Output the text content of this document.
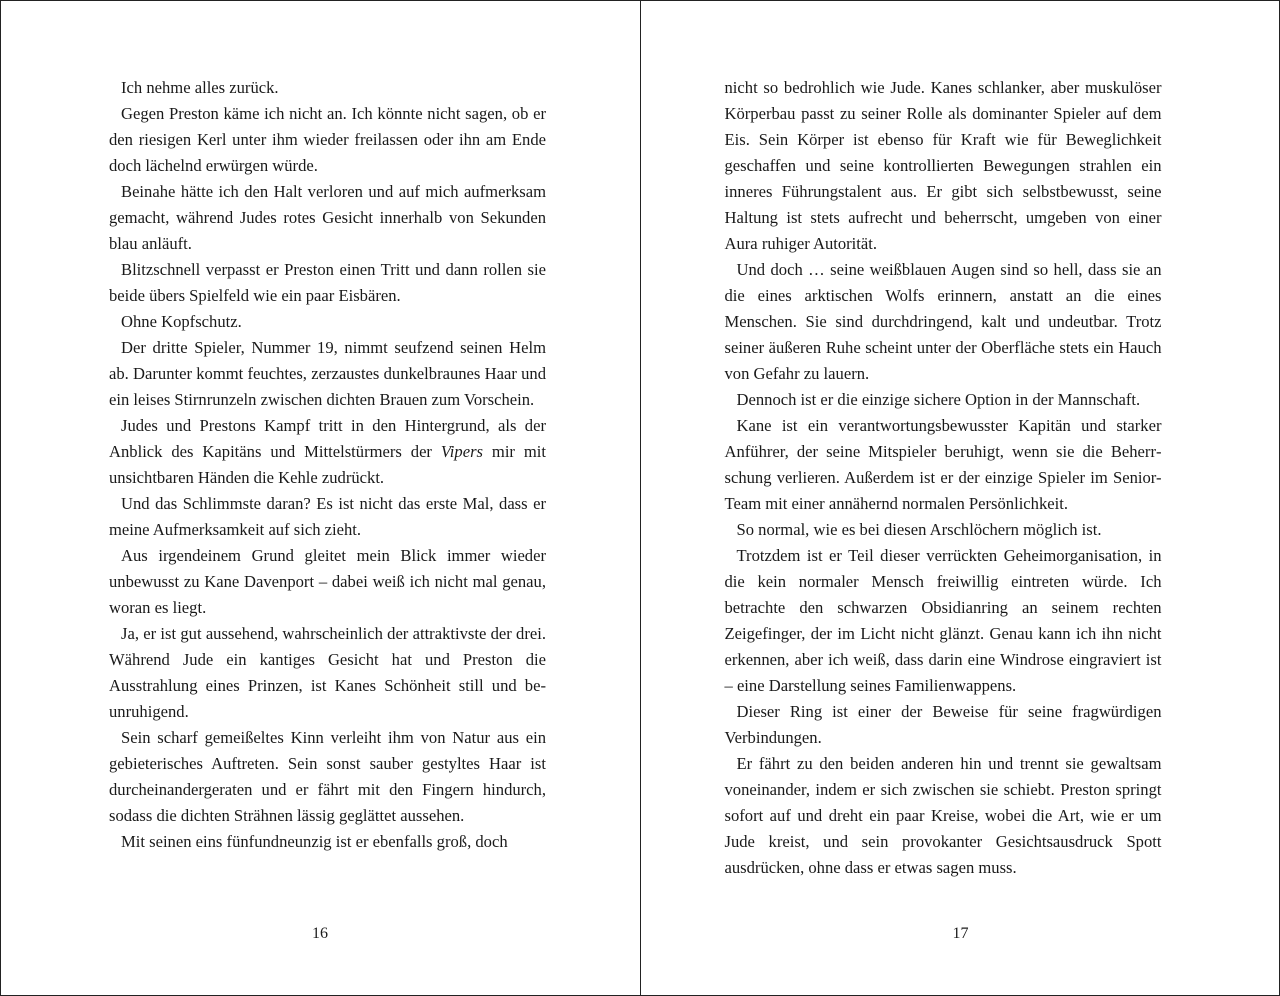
Ich nehme alles zurück.

Gegen Preston käme ich nicht an. Ich könnte nicht sagen, ob er den riesigen Kerl unter ihm wieder freilassen oder ihn am Ende doch lächelnd erwürgen würde.

Beinahe hätte ich den Halt verloren und auf mich aufmerksam gemacht, während Judes rotes Gesicht innerhalb von Sekunden blau anläuft.

Blitzschnell verpasst er Preston einen Tritt und dann rollen sie beide übers Spielfeld wie ein paar Eisbären.

Ohne Kopfschutz.

Der dritte Spieler, Nummer 19, nimmt seufzend seinen Helm ab. Darunter kommt feuchtes, zerzaustes dunkelbraunes Haar und ein leises Stirnrunzeln zwischen dichten Brauen zum Vorschein.

Judes und Prestons Kampf tritt in den Hintergrund, als der Anblick des Kapitäns und Mittelstürmers der Vipers mir mit unsichtbaren Händen die Kehle zudrückt.

Und das Schlimmste daran? Es ist nicht das erste Mal, dass er meine Aufmerksamkeit auf sich zieht.

Aus irgendeinem Grund gleitet mein Blick immer wieder unbewusst zu Kane Davenport – dabei weiß ich nicht mal genau, woran es liegt.

Ja, er ist gut aussehend, wahrscheinlich der attraktivste der drei. Während Jude ein kantiges Gesicht hat und Preston die Ausstrahlung eines Prinzen, ist Kanes Schönheit still und beunruhigend.

Sein scharf gemeißeltes Kinn verleiht ihm von Natur aus ein gebieterisches Auftreten. Sein sonst sauber gestyltes Haar ist durcheinandergeraten und er fährt mit den Fingern hindurch, sodass die dichten Strähnen lässig geglättet aussehen.

Mit seinen eins fünfundneunzig ist er ebenfalls groß, doch

16

nicht so bedrohlich wie Jude. Kanes schlanker, aber muskulöser Körperbau passt zu seiner Rolle als dominanter Spieler auf dem Eis. Sein Körper ist ebenso für Kraft wie für Beweglichkeit geschaffen und seine kontrollierten Bewegungen strahlen ein inneres Führungstalent aus. Er gibt sich selbstbewusst, seine Haltung ist stets aufrecht und beherrscht, umgeben von einer Aura ruhiger Autorität.

Und doch … seine weißblauen Augen sind so hell, dass sie an die eines arktischen Wolfs erinnern, anstatt an die eines Menschen. Sie sind durchdringend, kalt und undeutbar. Trotz seiner äußeren Ruhe scheint unter der Oberfläche stets ein Hauch von Gefahr zu lauern.

Dennoch ist er die einzige sichere Option in der Mannschaft.

Kane ist ein verantwortungsbewusster Kapitän und starker Anführer, der seine Mitspieler beruhigt, wenn sie die Beherrschung verlieren. Außerdem ist er der einzige Spieler im Senior-Team mit einer annähernd normalen Persönlichkeit.

So normal, wie es bei diesen Arschlöchern möglich ist.

Trotzdem ist er Teil dieser verrückten Geheimorganisation, in die kein normaler Mensch freiwillig eintreten würde. Ich betrachte den schwarzen Obsidianring an seinem rechten Zeigefinger, der im Licht nicht glänzt. Genau kann ich ihn nicht erkennen, aber ich weiß, dass darin eine Windrose eingraviert ist – eine Darstellung seines Familienwappens.

Dieser Ring ist einer der Beweise für seine fragwürdigen Verbindungen.

Er fährt zu den beiden anderen hin und trennt sie gewaltsam voneinander, indem er sich zwischen sie schiebt. Preston springt sofort auf und dreht ein paar Kreise, wobei die Art, wie er um Jude kreist, und sein provokanter Gesichtsausdruck Spott ausdrücken, ohne dass er etwas sagen muss.

17
